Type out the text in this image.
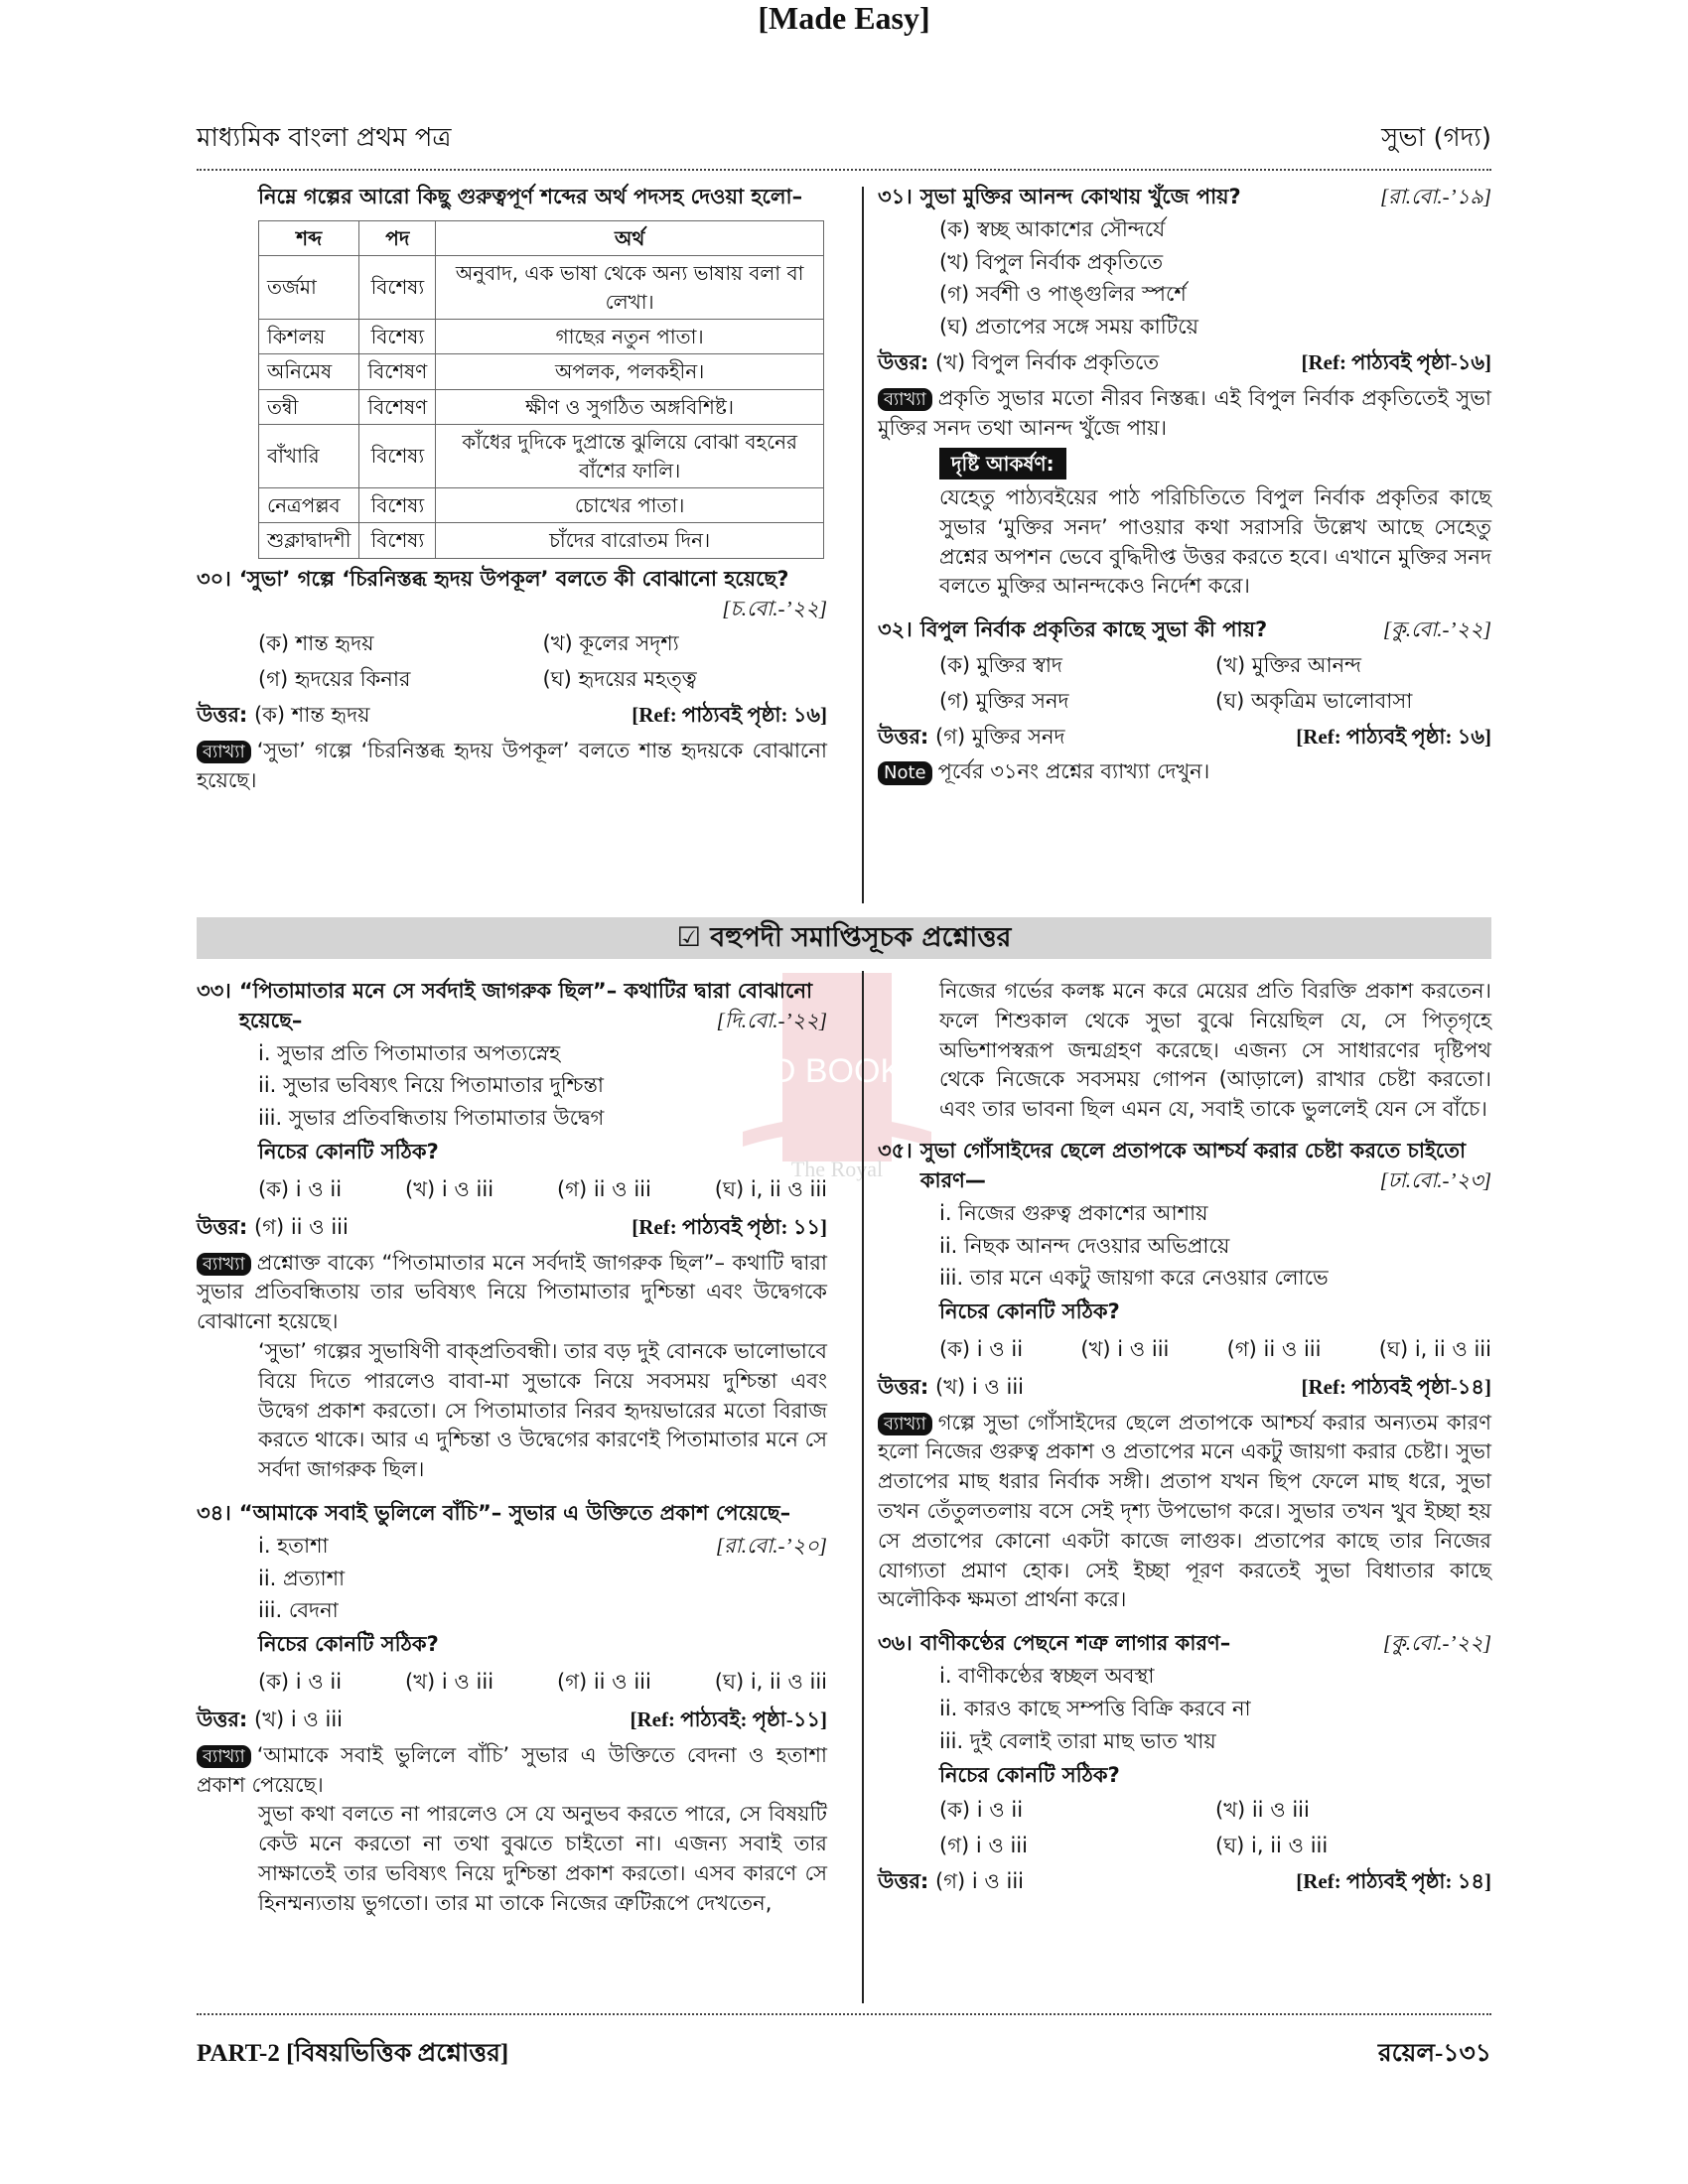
মাধ্যমিক বাংলা প্রথম পত্র
[Made Easy]
সুভা (গদ্য)
নিম্নে গল্পের আরো কিছু গুরুত্বপূর্ণ শব্দের অর্থ পদসহ দেওয়া হলো–
শব্দ	পদ	অর্থ
তর্জমা	বিশেষ্য	অনুবাদ, এক ভাষা থেকে অন্য ভাষায় বলা বা লেখা।
কিশলয়	বিশেষ্য	গাছের নতুন পাতা।
অনিমেষ	বিশেষণ	অপলক, পলকহীন।
তন্বী	বিশেষণ	ক্ষীণ ও সুগঠিত অঙ্গবিশিষ্ট।
বাঁখারি	বিশেষ্য	কাঁধের দুদিকে দুপ্রান্তে ঝুলিয়ে বোঝা বহনের বাঁশের ফালি।
নেত্রপল্লব	বিশেষ্য	চোখের পাতা।
শুক্লাদ্বাদশী	বিশেষ্য	চাঁদের বারোতম দিন।
৩০। ‘সুভা’ গল্পে ‘চিরনিস্তব্ধ হৃদয় উপকূল’ বলতে কী বোঝানো হয়েছে?
[চ.বো.-’২২]
(ক) শান্ত হৃদয়	(খ) কূলের সদৃশ্য
(গ) হৃদয়ের কিনার	(ঘ) হৃদয়ের মহত্ত্ব
উত্তর: (ক) শান্ত হৃদয়	[Ref: পাঠ্যবই পৃষ্ঠা: ১৬]
ব্যাখ্যা ‘সুভা’ গল্পে ‘চিরনিস্তব্ধ হৃদয় উপকূল’ বলতে শান্ত হৃদয়কে বোঝানো হয়েছে।
৩১। সুভা মুক্তির আনন্দ কোথায় খুঁজে পায়?	[রা.বো.-’১৯]
(ক) স্বচ্ছ আকাশের সৌন্দর্যে
(খ) বিপুল নির্বাক প্রকৃতিতে
(গ) সর্বশী ও পাঙ্গুলির স্পর্শে
(ঘ) প্রতাপের সঙ্গে সময় কাটিয়ে
উত্তর: (খ) বিপুল নির্বাক প্রকৃতিতে	[Ref: পাঠ্যবই পৃষ্ঠা-১৬]
ব্যাখ্যা প্রকৃতি সুভার মতো নীরব নিস্তব্ধ। এই বিপুল নির্বাক প্রকৃতিতেই সুভা মুক্তির সনদ তথা আনন্দ খুঁজে পায়।
দৃষ্টি আকর্ষণ:
যেহেতু পাঠ্যবইয়ের পাঠ পরিচিতিতে বিপুল নির্বাক প্রকৃতির কাছে সুভার ‘মুক্তির সনদ’ পাওয়ার কথা সরাসরি উল্লেখ আছে সেহেতু প্রশ্নের অপশন ভেবে বুদ্ধিদীপ্ত উত্তর করতে হবে। এখানে মুক্তির সনদ বলতে মুক্তির আনন্দকেও নির্দেশ করে।
৩২। বিপুল নির্বাক প্রকৃতির কাছে সুভা কী পায়?	[কু.বো.-’২২]
(ক) মুক্তির স্বাদ	(খ) মুক্তির আনন্দ
(গ) মুক্তির সনদ	(ঘ) অকৃত্রিম ভালোবাসা
উত্তর: (গ) মুক্তির সনদ	[Ref: পাঠ্যবই পৃষ্ঠা: ১৬]
Note পূর্বের ৩১নং প্রশ্নের ব্যাখ্যা দেখুন।
☑ বহুপদী সমাপ্তিসূচক প্রশ্নোত্তর
BD BOOKS
The Royal
৩৩। “পিতামাতার মনে সে সর্বদাই জাগরুক ছিল”– কথাটির দ্বারা বোঝানো হয়েছে–	[দি.বো.-’২২]
i. সুভার প্রতি পিতামাতার অপত্যস্নেহ
ii. সুভার ভবিষ্যৎ নিয়ে পিতামাতার দুশ্চিন্তা
iii. সুভার প্রতিবন্ধিতায় পিতামাতার উদ্বেগ
নিচের কোনটি সঠিক?
(ক) i ও ii	(খ) i ও iii	(গ) ii ও iii	(ঘ) i, ii ও iii
উত্তর: (গ) ii ও iii	[Ref: পাঠ্যবই পৃষ্ঠা: ১১]
ব্যাখ্যা প্রশ্নোক্ত বাক্যে “পিতামাতার মনে সর্বদাই জাগরুক ছিল”– কথাটি দ্বারা সুভার প্রতিবন্ধিতায় তার ভবিষ্যৎ নিয়ে পিতামাতার দুশ্চিন্তা এবং উদ্বেগকে বোঝানো হয়েছে।
‘সুভা’ গল্পের সুভাষিণী বাক্প্রতিবন্ধী। তার বড় দুই বোনকে ভালোভাবে বিয়ে দিতে পারলেও বাবা-মা সুভাকে নিয়ে সবসময় দুশ্চিন্তা এবং উদ্বেগ প্রকাশ করতো। সে পিতামাতার নিরব হৃদয়ভারের মতো বিরাজ করতে থাকে। আর এ দুশ্চিন্তা ও উদ্বেগের কারণেই পিতামাতার মনে সে সর্বদা জাগরুক ছিল।
৩৪। “আমাকে সবাই ভুলিলে বাঁচি”– সুভার এ উক্তিতে প্রকাশ পেয়েছে–
i. হতাশা	[রা.বো.-’২০]
ii. প্রত্যাশা
iii. বেদনা
নিচের কোনটি সঠিক?
(ক) i ও ii	(খ) i ও iii	(গ) ii ও iii	(ঘ) i, ii ও iii
উত্তর: (খ) i ও iii	[Ref: পাঠ্যবই: পৃষ্ঠা-১১]
ব্যাখ্যা ‘আমাকে সবাই ভুলিলে বাঁচি’ সুভার এ উক্তিতে বেদনা ও হতাশা প্রকাশ পেয়েছে।
সুভা কথা বলতে না পারলেও সে যে অনুভব করতে পারে, সে বিষয়টি কেউ মনে করতো না তথা বুঝতে চাইতো না। এজন্য সবাই তার সাক্ষাতেই তার ভবিষ্যৎ নিয়ে দুশ্চিন্তা প্রকাশ করতো। এসব কারণে সে হিনম্মন্যতায় ভুগতো। তার মা তাকে নিজের ত্রুটিরূপে দেখতেন,
নিজের গর্ভের কলঙ্ক মনে করে মেয়ের প্রতি বিরক্তি প্রকাশ করতেন। ফলে শিশুকাল থেকে সুভা বুঝে নিয়েছিল যে, সে পিতৃগৃহে অভিশাপস্বরূপ জন্মগ্রহণ করেছে। এজন্য সে সাধারণের দৃষ্টিপথ থেকে নিজেকে সবসময় গোপন (আড়ালে) রাখার চেষ্টা করতো। এবং তার ভাবনা ছিল এমন যে, সবাই তাকে ভুললেই যেন সে বাঁচে।
৩৫। সুভা গোঁসাইদের ছেলে প্রতাপকে আশ্চর্য করার চেষ্টা করতে চাইতো কারণ—	[ঢা.বো.-’২৩]
i. নিজের গুরুত্ব প্রকাশের আশায়
ii. নিছক আনন্দ দেওয়ার অভিপ্রায়ে
iii. তার মনে একটু জায়গা করে নেওয়ার লোভে
নিচের কোনটি সঠিক?
(ক) i ও ii	(খ) i ও iii	(গ) ii ও iii	(ঘ) i, ii ও iii
উত্তর: (খ) i ও iii	[Ref: পাঠ্যবই পৃষ্ঠা-১৪]
ব্যাখ্যা গল্পে সুভা গোঁসাইদের ছেলে প্রতাপকে আশ্চর্য করার অন্যতম কারণ হলো নিজের গুরুত্ব প্রকাশ ও প্রতাপের মনে একটু জায়গা করার চেষ্টা। সুভা প্রতাপের মাছ ধরার নির্বাক সঙ্গী। প্রতাপ যখন ছিপ ফেলে মাছ ধরে, সুভা তখন তেঁতুলতলায় বসে সেই দৃশ্য উপভোগ করে। সুভার তখন খুব ইচ্ছা হয় সে প্রতাপের কোনো একটা কাজে লাগুক। প্রতাপের কাছে তার নিজের যোগ্যতা প্রমাণ হোক। সেই ইচ্ছা পূরণ করতেই সুভা বিধাতার কাছে অলৌকিক ক্ষমতা প্রার্থনা করে।
৩৬। বাণীকণ্ঠের পেছনে শত্রু লাগার কারণ–	[কু.বো.-’২২]
i. বাণীকণ্ঠের স্বচ্ছল অবস্থা
ii. কারও কাছে সম্পত্তি বিক্রি করবে না
iii. দুই বেলাই তারা মাছ ভাত খায়
নিচের কোনটি সঠিক?
(ক) i ও ii	(খ) ii ও iii
(গ) i ও iii	(ঘ) i, ii ও iii
উত্তর: (গ) i ও iii	[Ref: পাঠ্যবই পৃষ্ঠা: ১৪]
PART-2 [বিষয়ভিত্তিক প্রশ্নোত্তর]	রয়েল-১৩১
